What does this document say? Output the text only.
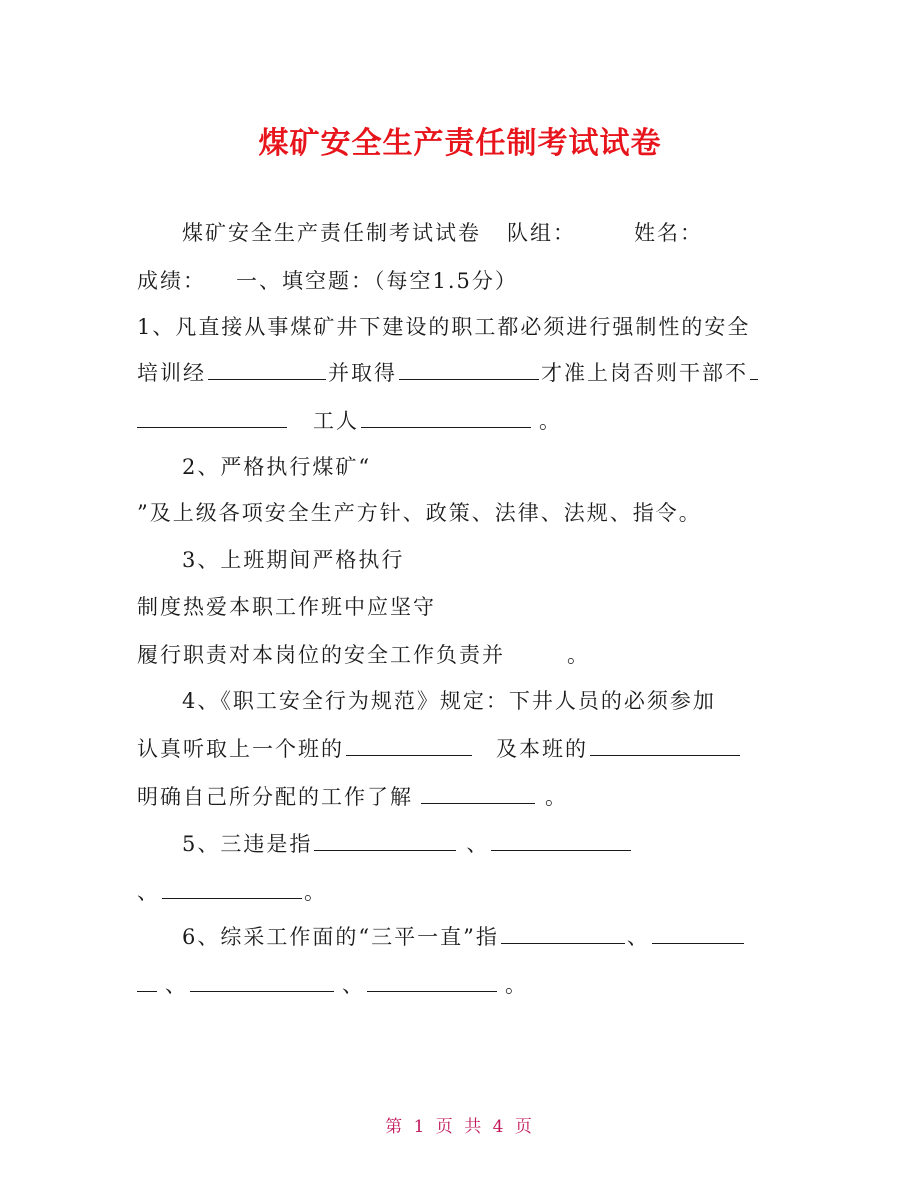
煤矿安全生产责任制考试试卷
煤矿安全生产责任制考试试卷 队组：	姓名：
成绩： 一、填空题：（每空1.5分）
1、凡直接从事煤矿井下建设的职工都必须进行强制性的安全
培训经	并取得	才准上岗否则干部不
工人	。
2、严格执行煤矿“
”及上级各项安全生产方针、政策、法律、法规、指令。
3、上班期间严格执行
制度热爱本职工作班中应坚守
履行职责对本岗位的安全工作负责并	。
4、《职工安全行为规范》规定：下井人员的必须参加
认真听取上一个班的	及本班的
明确自己所分配的工作了解	。
5、三违是指	、
、	。
6、综采工作面的“三平一直”指	、
、	、	。
第 1 页 共 4 页
